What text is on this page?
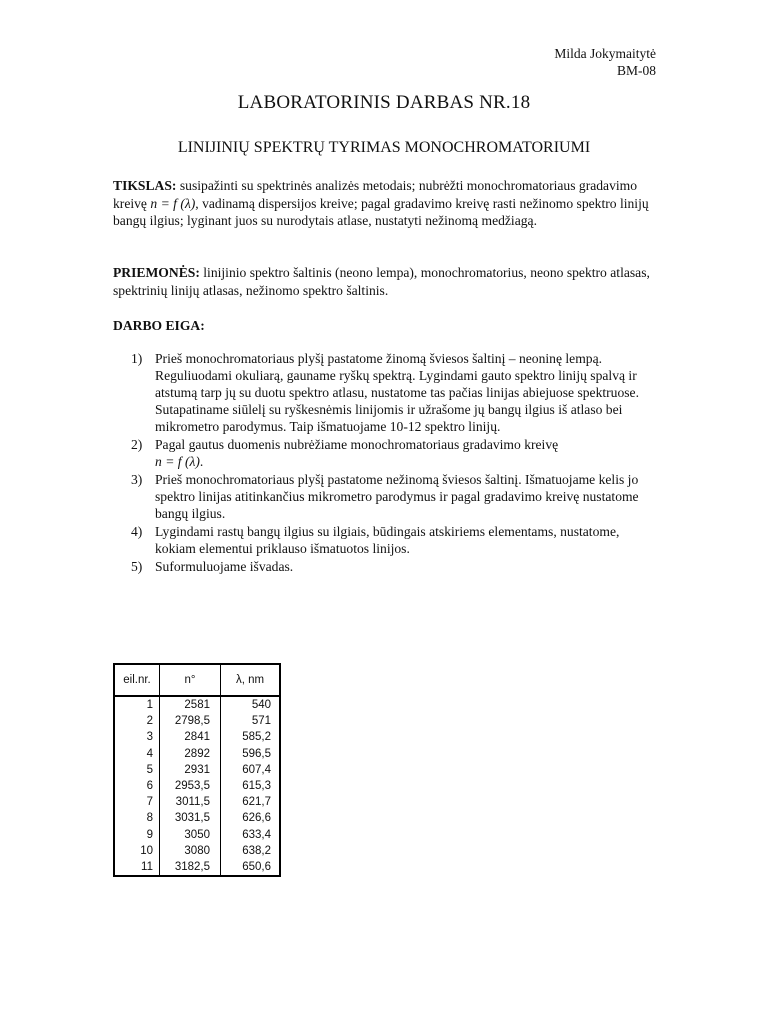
Milda Jokymaitytė
BM-08
LABORATORINIS DARBAS NR.18
LINIJINIŲ SPEKTRŲ TYRIMAS MONOCHROMATORIUMI
TIKSLAS: susipažinti su spektrinės analizės metodais; nubrėžti monochromatoriaus gradavimo kreivę n = f (λ), vadinamą dispersijos kreive; pagal gradavimo kreivę rasti nežinomo spektro linijų bangų ilgius; lyginant juos su nurodytais atlase, nustatyti nežinomą medžiagą.
PRIEMONĖS: linijinio spektro šaltinis (neono lempa), monochromatorius, neono spektro atlasas, spektrinių linijų atlasas, nežinomo spektro šaltinis.
DARBO EIGA:
1) Prieš monochromatoriaus plyšį pastatome žinomą šviesos šaltinį – neoninę lempą. Reguliuodami okuliarą, gauname ryškų spektrą. Lygindami gauto spektro linijų spalvą ir atstumą tarp jų su duotu spektro atlasu, nustatome tas pačias linijas abiejuose spektruose. Sutapatiname siūlelį su ryškesnėmis linijomis ir užrašome jų bangų ilgius iš atlaso bei mikrometro parodymus. Taip išmatuojame 10-12 spektro linijų.
2) Pagal gautus duomenis nubrėžiame monochromatoriaus gradavimo kreivę
n = f (λ).
3) Prieš monochromatoriaus plyšį pastatome nežinomą šviesos šaltinį. Išmatuojame kelis jo spektro linijas atitinkančius mikrometro parodymus ir pagal gradavimo kreivę nustatome bangų ilgius.
4) Lygindami rastų bangų ilgius su ilgiais, būdingais atskiriems elementams, nustatome, kokiam elementui priklauso išmatuotos linijos.
5) Suformuluojame išvadas.
eil.nr.	n°	λ, nm
1	2581	540
2	2798,5	571
3	2841	585,2
4	2892	596,5
5	2931	607,4
6	2953,5	615,3
7	3011,5	621,7
8	3031,5	626,6
9	3050	633,4
10	3080	638,2
11	3182,5	650,6
